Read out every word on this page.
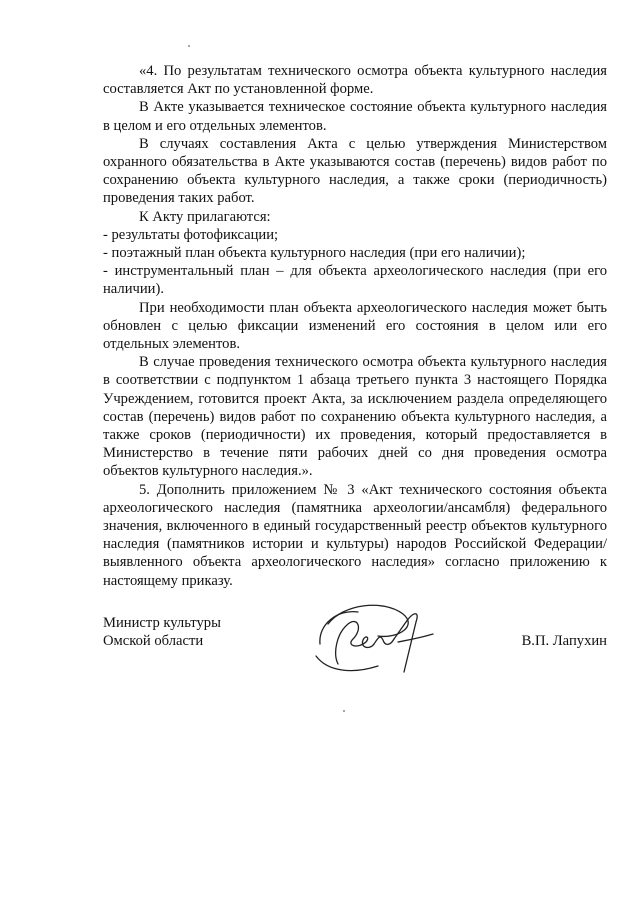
«4. По результатам технического осмотра объекта культурного наследия составляется Акт по установленной форме.

В Акте указывается техническое состояние объекта культурного наследия в целом и его отдельных элементов.

В случаях составления Акта с целью утверждения Министерством охранного обязательства в Акте указываются состав (перечень) видов работ по сохранению объекта культурного наследия, а также сроки (периодичность) проведения таких работ.

К Акту прилагаются:

- результаты фотофиксации;

- поэтажный план объекта культурного наследия (при его наличии);

- инструментальный план – для объекта археологического наследия (при его наличии).

При необходимости план объекта археологического наследия может быть обновлен с целью фиксации изменений его состояния в целом или его отдельных элементов.

В случае проведения технического осмотра объекта культурного наследия в соответствии с подпунктом 1 абзаца третьего пункта 3 настоящего Порядка Учреждением, готовится проект Акта, за исключением раздела определяющего состав (перечень) видов работ по сохранению объекта культурного наследия, а также сроков (периодичности) их проведения, который предоставляется в Министерство в течение пяти рабочих дней со дня проведения осмотра объектов культурного наследия.».

5. Дополнить приложением № 3 «Акт технического состояния объекта археологического наследия (памятника археологии/ансамбля) федерального значения, включенного в единый государственный реестр объектов культурного наследия (памятников истории и культуры) народов Российской Федерации/выявленного объекта археологического наследия» согласно приложению к настоящему приказу.

Министр культуры
Омской области	В.П. Лапухин
